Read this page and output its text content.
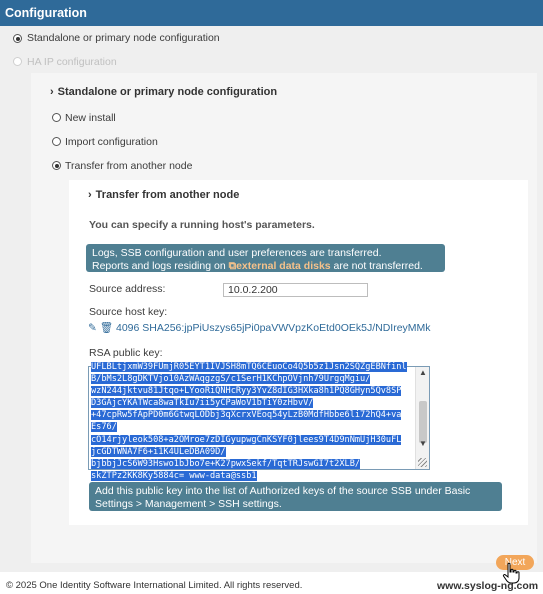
Configuration
Standalone or primary node configuration
HA IP configuration
› Standalone or primary node configuration
New install
Import configuration
Transfer from another node
› Transfer from another node
You can specify a running host's parameters.
Logs, SSB configuration and user preferences are transferred.
Reports and logs residing on ⧉external data disks are not transferred.
Source address:	10.0.2.200
Source host key:
✎ 🗑 4096 SHA256:jpPiUszys65jPi0paVWVpzKoEtd0OEk5J/NDIreyMMk
RSA public key:
UFLBLtjxmW39FUmjR05EYT1IVJSH8mTQ6CEuoCo4Q5b5z1Jsn2SQZgEBNfinl
B/bMs2L8gDKTVjo10AzWAqgzgS/c1SerH1KChpOVjnh79UrgqMgiu/
wzN244jktvu81Jtqo+LYooRiQNHcRyy3YvZ8dIG3HXka8h1PQ8GHyn5Qv8SP
D3GAjcYKATWca8waTkIu7ii5yCPaWoV1bTiY0zHbvV/
+47cpRw5fApPD0m6GtwqLODbj3qXcrxVEoq54yLzB0MdfHbbe6li72hQ4+va
Es76/
cO14rjyleok508+a2OMroe7zDIGyupwgCnKSYF0jlees9T4D9nNmUjH30uFL
jcGDTWNA7F6+i1K4ULeDBA09D/
bjbbjJcS6W93Hswo1bJbo7e+K27pwxSekf/TqtTRJswGI7t2XLB/
skZTPz2KK8Ky5884c= www-data@ssb1
▲
▼
Add this public key into the list of Authorized keys of the source SSB under Basic Settings > Management > SSH settings.
Next
© 2025 One Identity Software International Limited. All rights reserved.	www.syslog-ng.com
